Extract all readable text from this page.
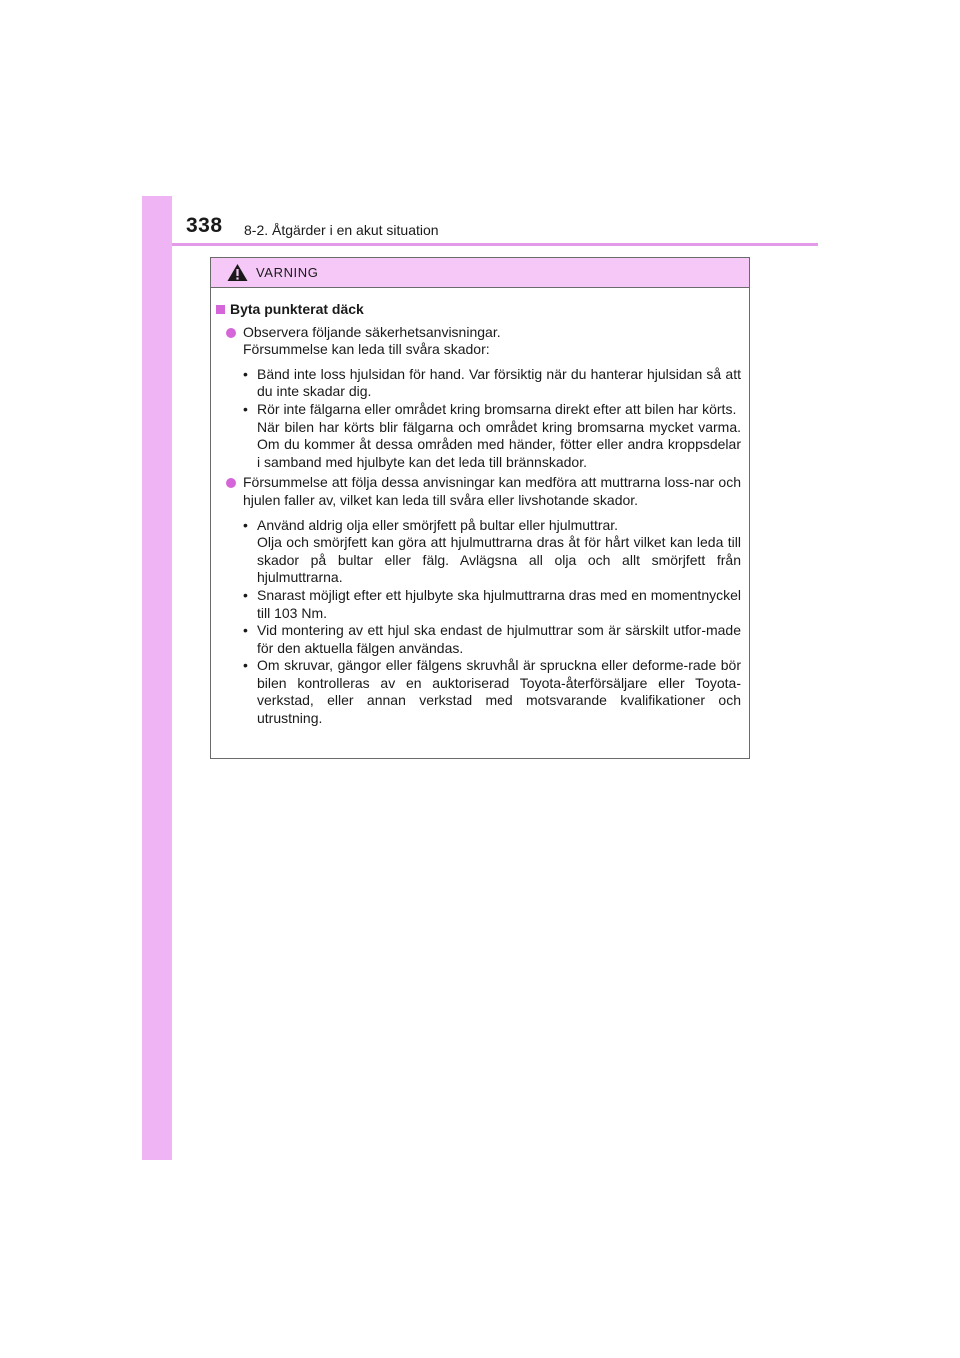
338 8-2. Åtgärder i en akut situation
VARNING
Byta punkterat däck
Observera följande säkerhetsanvisningar.
Försummelse kan leda till svåra skador:
• Bänd inte loss hjulsidan för hand. Var försiktig när du hanterar hjulsidan så att du inte skadar dig.
• Rör inte fälgarna eller området kring bromsarna direkt efter att bilen har körts.
När bilen har körts blir fälgarna och området kring bromsarna mycket varma. Om du kommer åt dessa områden med händer, fötter eller andra kroppsdelar i samband med hjulbyte kan det leda till brännskador.
Försummelse att följa dessa anvisningar kan medföra att muttrarna loss-nar och hjulen faller av, vilket kan leda till svåra eller livshotande skador.
• Använd aldrig olja eller smörjfett på bultar eller hjulmuttrar.
Olja och smörjfett kan göra att hjulmuttrarna dras åt för hårt vilket kan leda till skador på bultar eller fälg. Avlägsna all olja och allt smörjfett från hjulmuttrarna.
• Snarast möjligt efter ett hjulbyte ska hjulmuttrarna dras med en momentnyckel till 103 Nm.
• Vid montering av ett hjul ska endast de hjulmuttrar som är särskilt utfor-made för den aktuella fälgen användas.
• Om skruvar, gängor eller fälgens skruvhål är spruckna eller deforme-rade bör bilen kontrolleras av en auktoriserad Toyota-återförsäljare eller Toyota-verkstad, eller annan verkstad med motsvarande kvalifikationer och utrustning.
